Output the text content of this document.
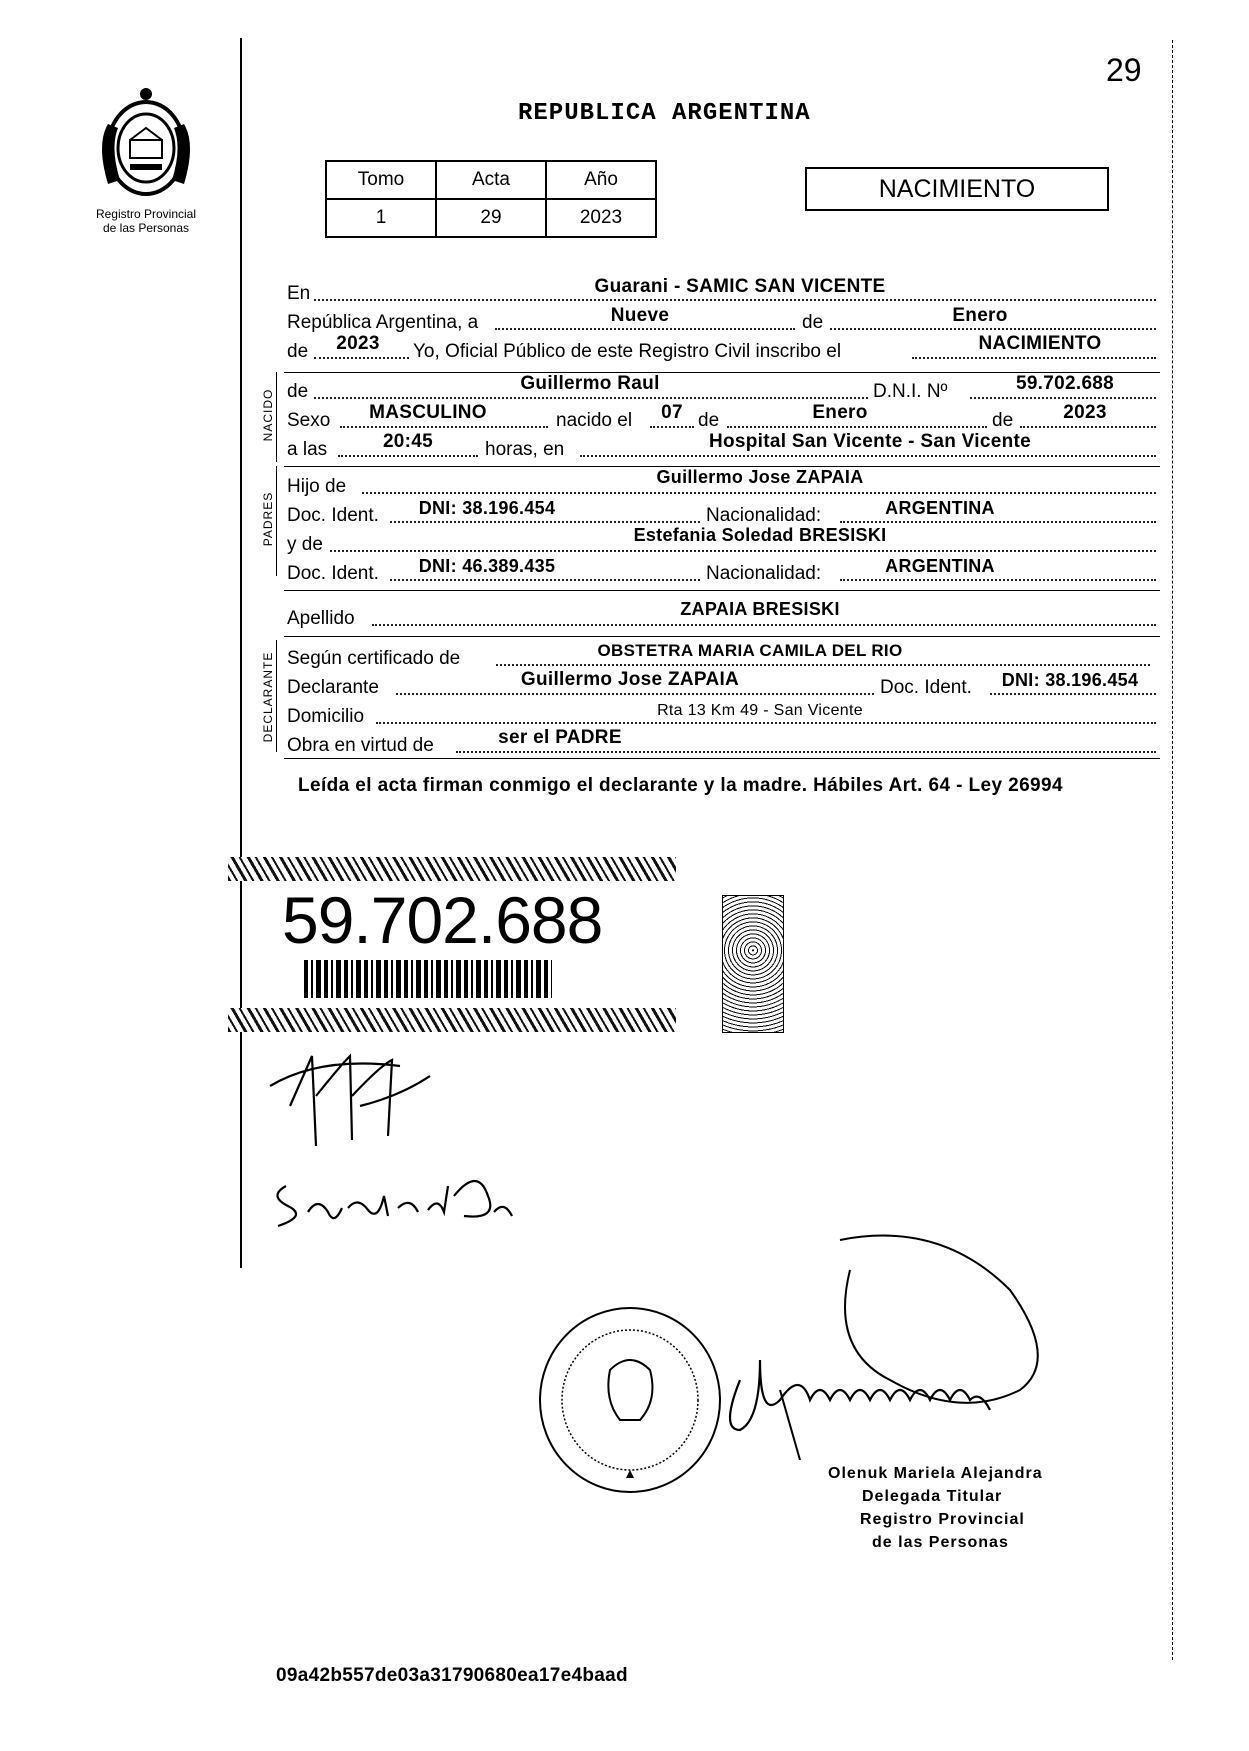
29
Registro Provincial
de las Personas
REPUBLICA ARGENTINA
Tomo	Acta	Año
1	29	2023
NACIMIENTO
En	Guarani - SAMIC SAN VICENTE
República Argentina, a	Nueve	de	Enero
de	2023	Yo, Oficial Público de este Registro Civil inscribo el	NACIMIENTO
NACIDO de	Guillermo Raul	D.N.I. Nº	59.702.688
Sexo	MASCULINO	nacido el	07 de	Enero	de	2023
a las	20:45	horas, en	Hospital San Vicente - San Vicente
PADRES
Hijo de	Guillermo Jose ZAPAIA
Doc. Ident.	DNI: 38.196.454	Nacionalidad:	ARGENTINA
y de	Estefania Soledad BRESISKI
Doc. Ident.	DNI: 46.389.435	Nacionalidad:	ARGENTINA
Apellido	ZAPAIA BRESISKI
DECLARANTE Según certificado de	OBSTETRA MARIA CAMILA DEL RIO
Declarante	Guillermo Jose ZAPAIA	Doc. Ident.	DNI: 38.196.454
Domicilio	Rta 13 Km 49 - San Vicente
Obra en virtud de	ser el PADRE
Leída el acta firman conmigo el declarante y la madre. Hábiles Art. 64 - Ley 26994
59.702.688
Olenuk Mariela Alejandra
Delegada Titular
Registro Provincial
de las Personas
09a42b557de03a31790680ea17e4baad
